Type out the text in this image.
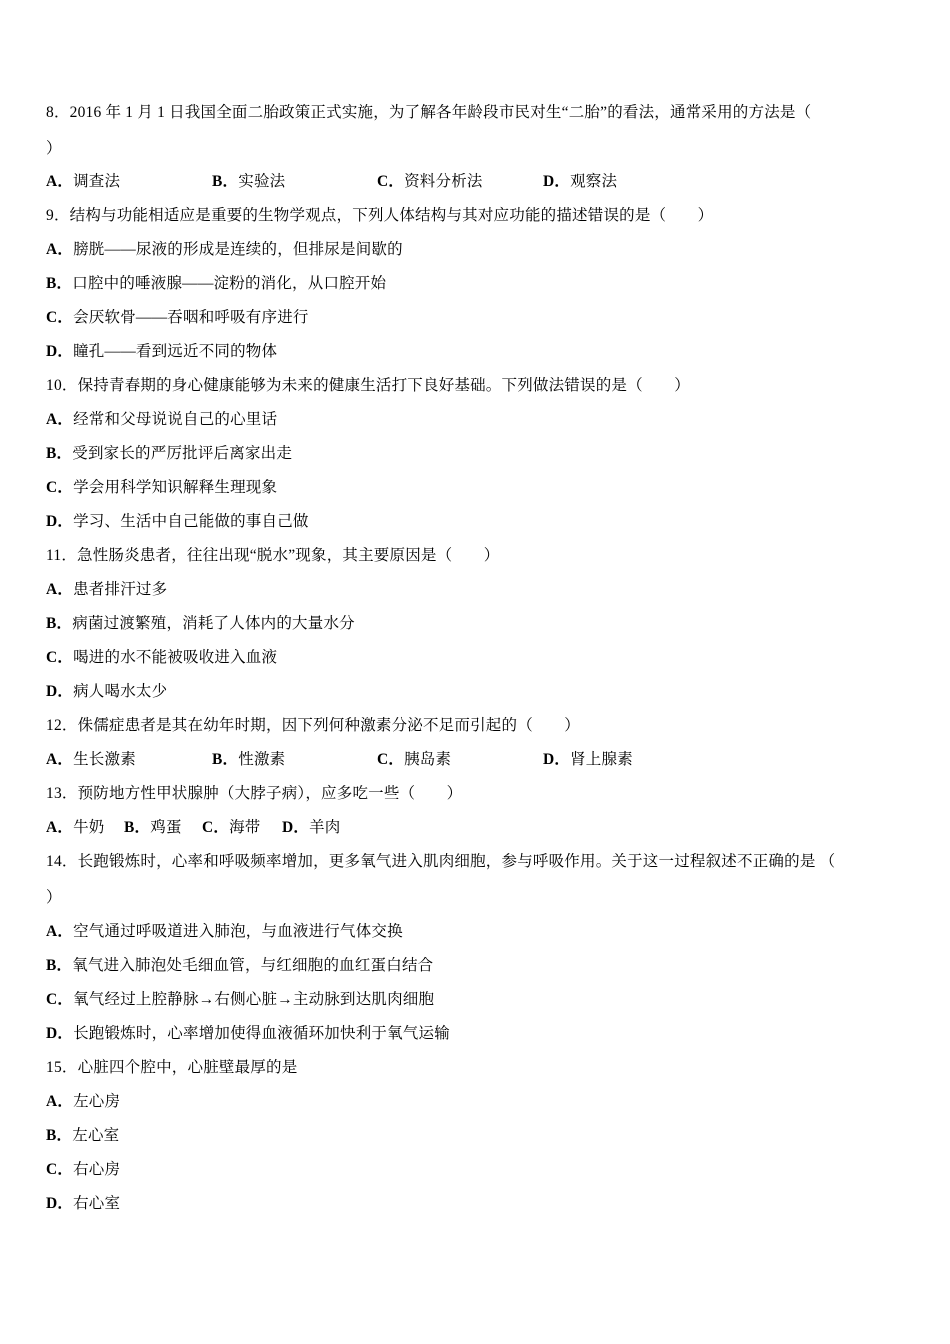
8．2016 年 1 月 1 日我国全面二胎政策正式实施，为了解各年龄段市民对生“二胎”的看法，通常采用的方法是（
）
A．调查法	B．实验法	C．资料分析法	D．观察法
9．结构与功能相适应是重要的生物学观点，下列人体结构与其对应功能的描述错误的是（　　）
A．膀胱——尿液的形成是连续的，但排尿是间歇的
B．口腔中的唾液腺——淀粉的消化，从口腔开始
C．会厌软骨——吞咽和呼吸有序进行
D．瞳孔——看到远近不同的物体
10．保持青春期的身心健康能够为未来的健康生活打下良好基础。下列做法错误的是（　　）
A．经常和父母说说自己的心里话
B．受到家长的严厉批评后离家出走
C．学会用科学知识解释生理现象
D．学习、生活中自己能做的事自己做
11．急性肠炎患者，往往出现“脱水”现象，其主要原因是（　　）
A．患者排汗过多
B．病菌过渡繁殖，消耗了人体内的大量水分
C．喝进的水不能被吸收进入血液
D．病人喝水太少
12．侏儒症患者是其在幼年时期，因下列何种激素分泌不足而引起的（　　）
A．生长激素	B．性激素	C．胰岛素	D．肾上腺素
13．预防地方性甲状腺肿（大脖子病），应多吃一些（　　）
A．牛奶 B．鸡蛋 C．海带 D．羊肉
14．长跑锻炼时，心率和呼吸频率增加，更多氧气进入肌肉细胞，参与呼吸作用。关于这一过程叙述不正确的是 （
）
A．空气通过呼吸道进入肺泡，与血液进行气体交换
B．氧气进入肺泡处毛细血管，与红细胞的血红蛋白结合
C．氧气经过上腔静脉→右侧心脏→主动脉到达肌肉细胞
D．长跑锻炼时，心率增加使得血液循环加快利于氧气运输
15．心脏四个腔中，心脏壁最厚的是
A．左心房
B．左心室
C．右心房
D．右心室
